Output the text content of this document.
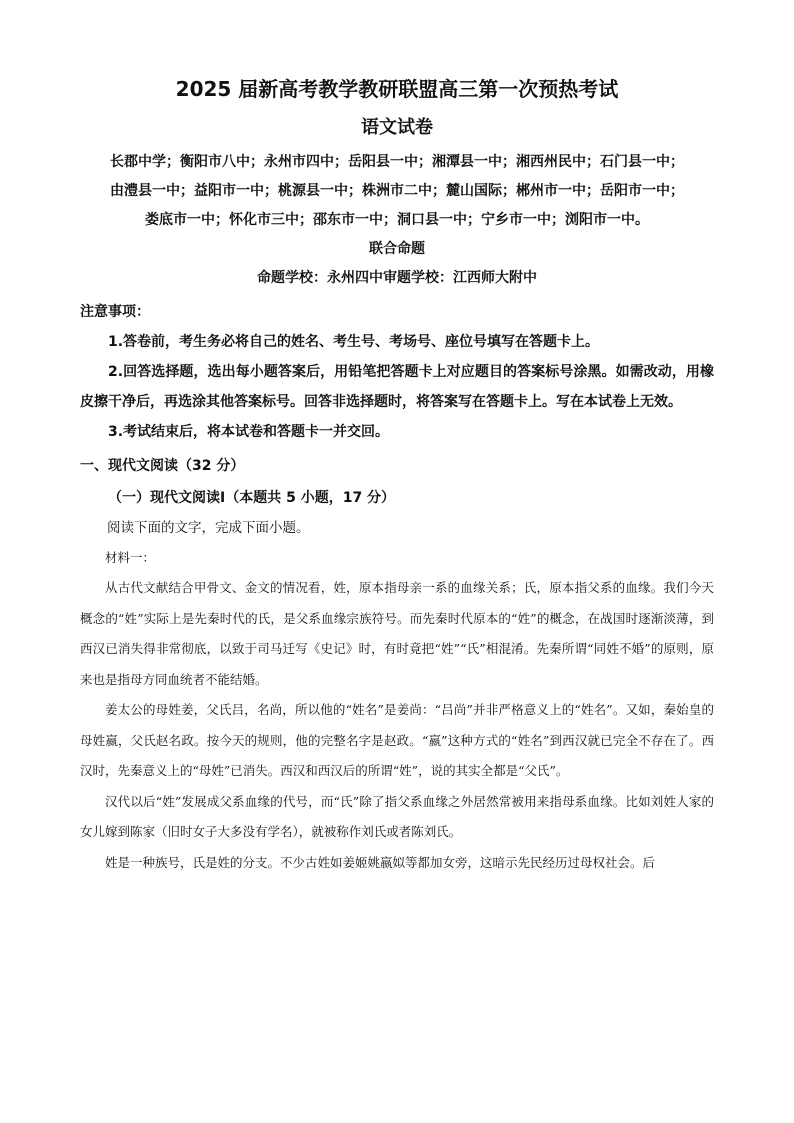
2025 届新高考教学教研联盟高三第一次预热考试
语文试卷

长郡中学；衡阳市八中；永州市四中；岳阳县一中；湘潭县一中；湘西州民中；石门县一中；

由澧县一中；益阳市一中；桃源县一中；株洲市二中；麓山国际；郴州市一中；岳阳市一中；

娄底市一中；怀化市三中；邵东市一中；洞口县一中；宁乡市一中；浏阳市一中。

联合命题
命题学校：永州四中审题学校：江西师大附中
注意事项：

1.答卷前，考生务必将自己的姓名、考生号、考场号、座位号填写在答题卡上。

2.回答选择题，选出每小题答案后，用铅笔把答题卡上对应题目的答案标号涂黑。如需改动，用橡皮擦干净后，再选涂其他答案标号。回答非选择题时，将答案写在答题卡上。写在本试卷上无效。

3.考试结束后，将本试卷和答题卡一并交回。

一、现代文阅读（32 分）
（一）现代文阅读Ⅰ（本题共 5 小题，17 分）

阅读下面的文字，完成下面小题。

材料一：

从古代文献结合甲骨文、金文的情况看，姓，原本指母亲一系的血缘关系；氏，原本指父系的血缘。我们今天概念的“姓”实际上是先秦时代的氏，是父系血缘宗族符号。而先秦时代原本的“姓”的概念，在战国时逐渐淡薄，到西汉已消失得非常彻底，以致于司马迁写《史记》时，有时竟把“姓”“氏”相混淆。先秦所谓“同姓不婚”的原则，原来也是指母方同血统者不能结婚。

姜太公的母姓姜，父氏吕，名尚，所以他的“姓名”是姜尚：“吕尚”并非严格意义上的“姓名”。又如，秦始皇的母姓嬴，父氏赵名政。按今天的规则，他的完整名字是赵政。“嬴”这种方式的“姓名”到西汉就已完全不存在了。西汉时，先秦意义上的“母姓”已消失。西汉和西汉后的所谓“姓”，说的其实全都是“父氏”。

汉代以后“姓”发展成父系血缘的代号，而“氏”除了指父系血缘之外居然常被用来指母系血缘。比如刘姓人家的女儿嫁到陈家（旧时女子大多没有学名），就被称作刘氏或者陈刘氏。

姓是一种族号，氏是姓的分支。不少古姓如姜姬姚嬴姒等都加女旁，这暗示先民经历过母权社会。后
